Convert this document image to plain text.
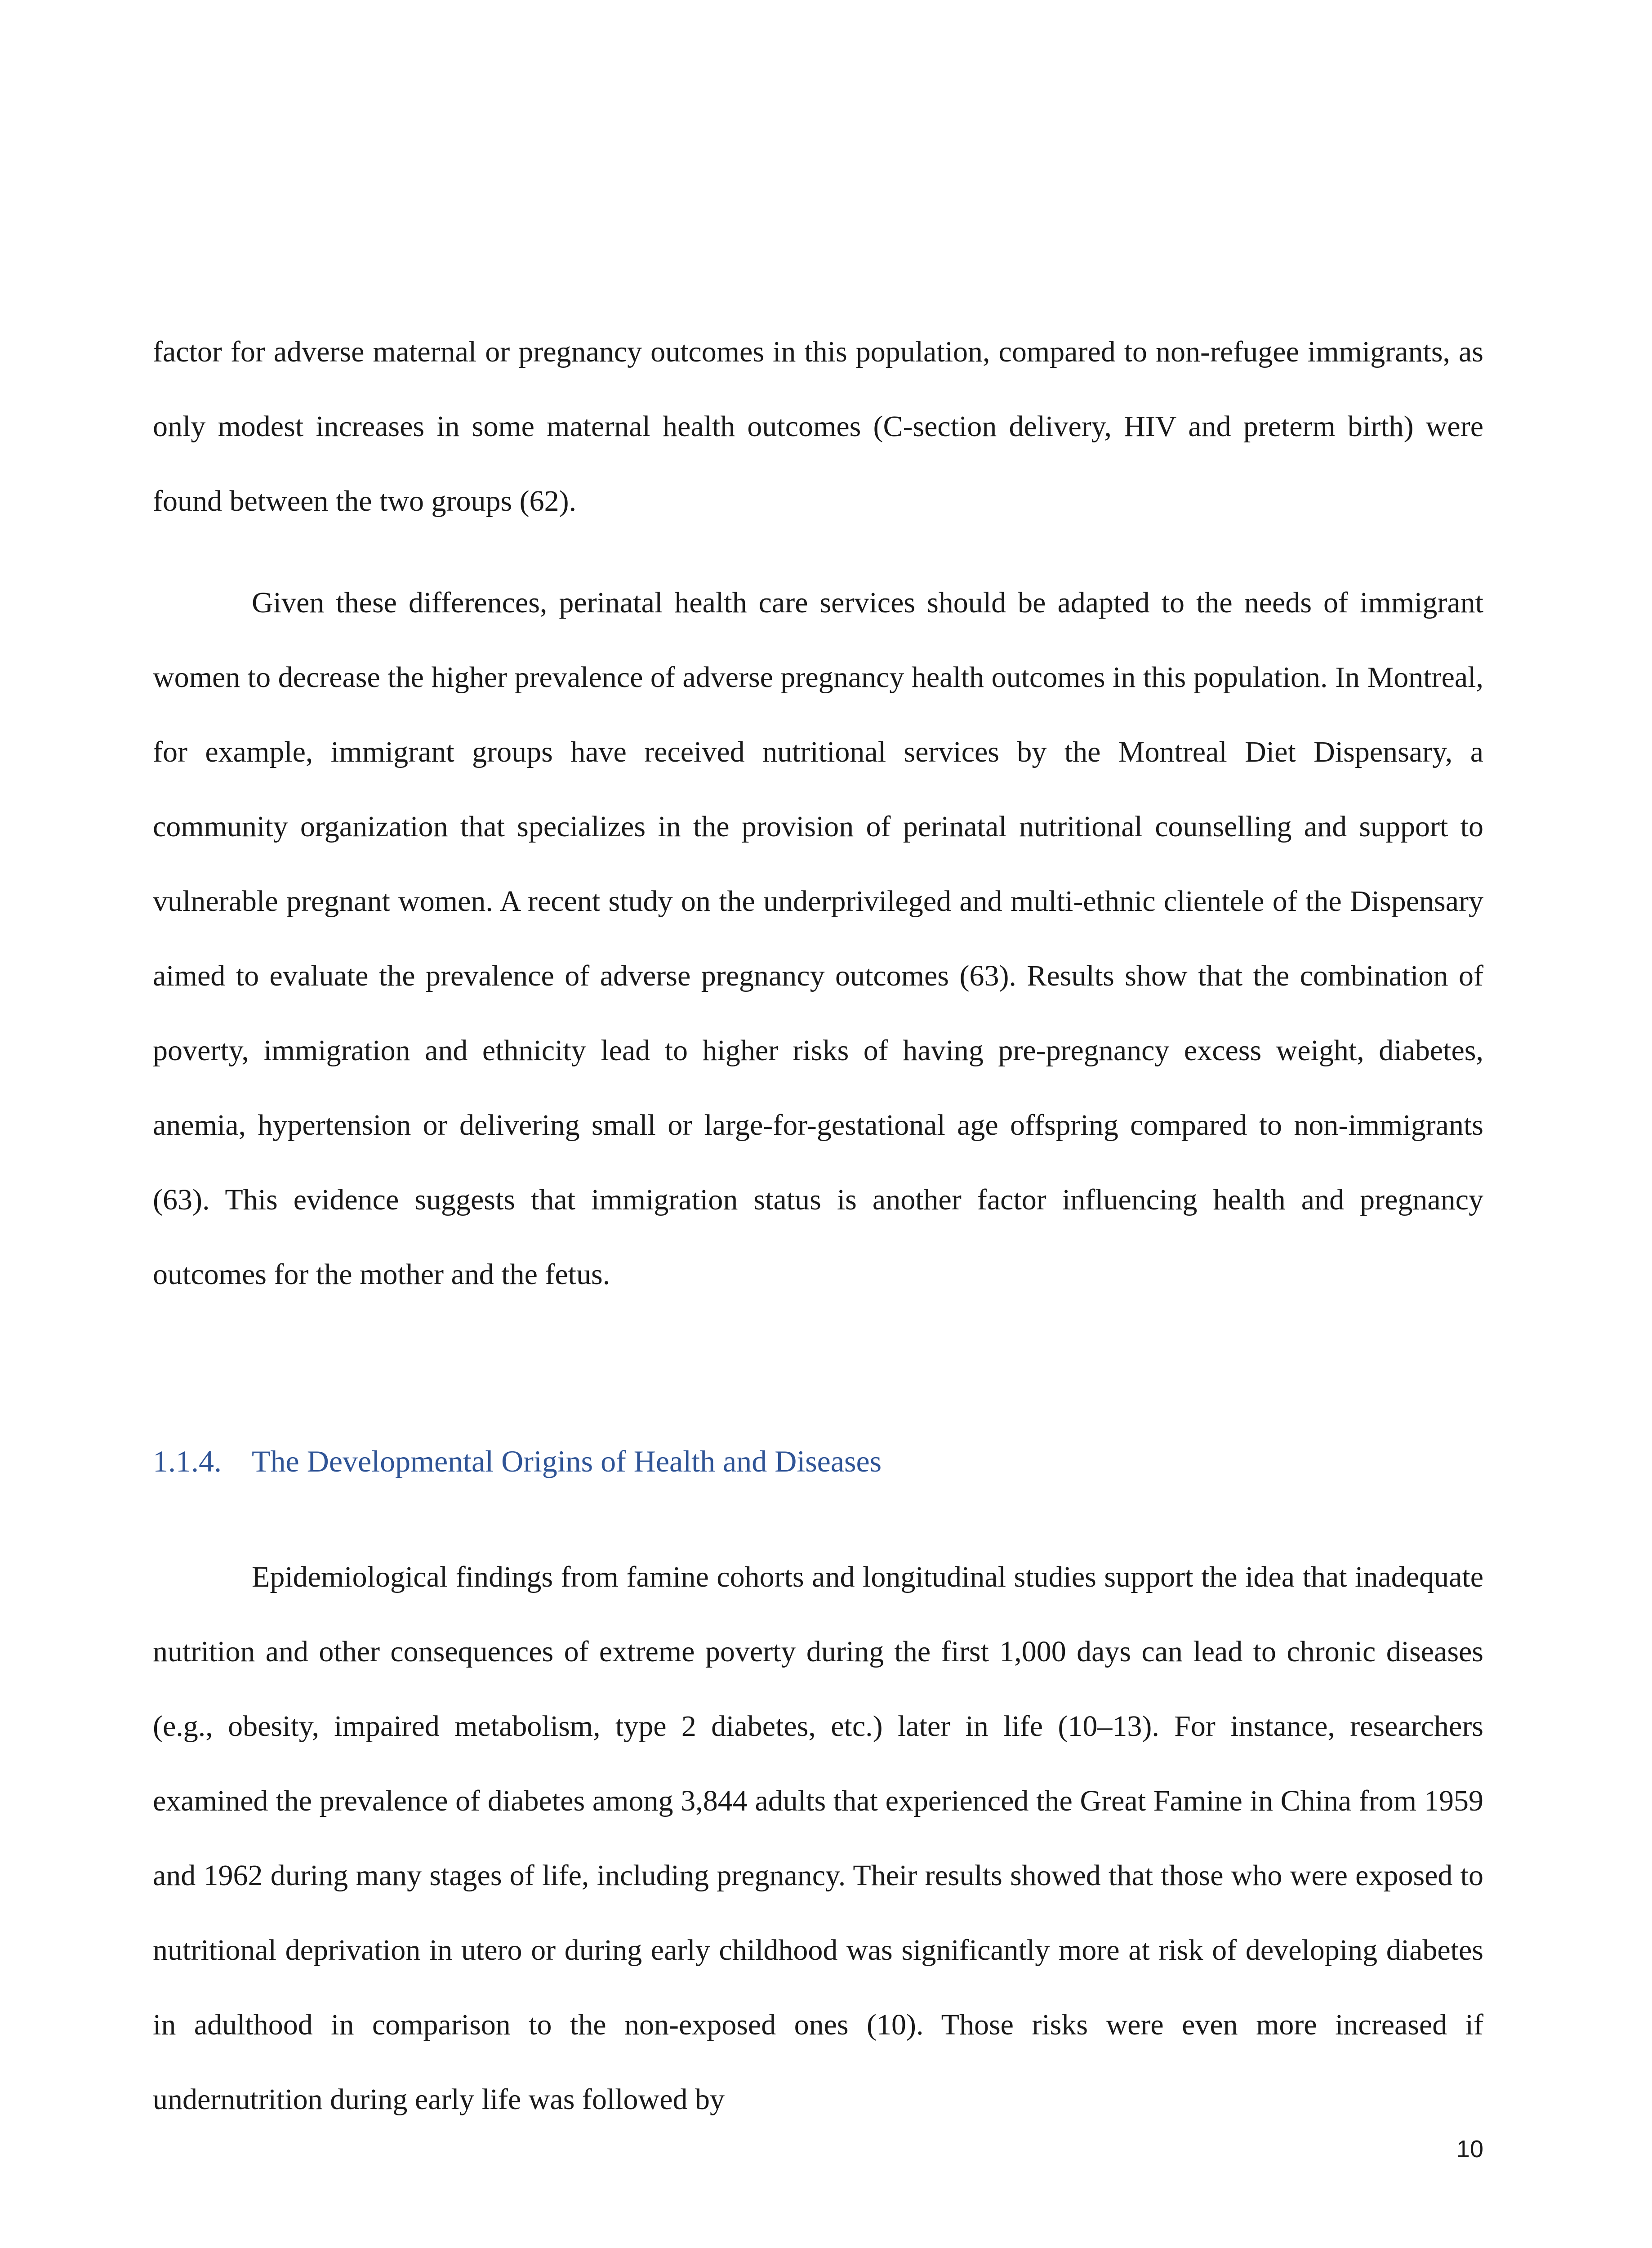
factor for adverse maternal or pregnancy outcomes in this population, compared to non-refugee immigrants, as only modest increases in some maternal health outcomes (C-section delivery, HIV and preterm birth) were found between the two groups (62).

Given these differences, perinatal health care services should be adapted to the needs of immigrant women to decrease the higher prevalence of adverse pregnancy health outcomes in this population. In Montreal, for example, immigrant groups have received nutritional services by the Montreal Diet Dispensary, a community organization that specializes in the provision of perinatal nutritional counselling and support to vulnerable pregnant women. A recent study on the underprivileged and multi-ethnic clientele of the Dispensary aimed to evaluate the prevalence of adverse pregnancy outcomes (63). Results show that the combination of poverty, immigration and ethnicity lead to higher risks of having pre-pregnancy excess weight, diabetes, anemia, hypertension or delivering small or large-for-gestational age offspring compared to non-immigrants (63). This evidence suggests that immigration status is another factor influencing health and pregnancy outcomes for the mother and the fetus.

1.1.4. The Developmental Origins of Health and Diseases

Epidemiological findings from famine cohorts and longitudinal studies support the idea that inadequate nutrition and other consequences of extreme poverty during the first 1,000 days can lead to chronic diseases (e.g., obesity, impaired metabolism, type 2 diabetes, etc.) later in life (10–13). For instance, researchers examined the prevalence of diabetes among 3,844 adults that experienced the Great Famine in China from 1959 and 1962 during many stages of life, including pregnancy. Their results showed that those who were exposed to nutritional deprivation in utero or during early childhood was significantly more at risk of developing diabetes in adulthood in comparison to the non-exposed ones (10). Those risks were even more increased if undernutrition during early life was followed by

10
